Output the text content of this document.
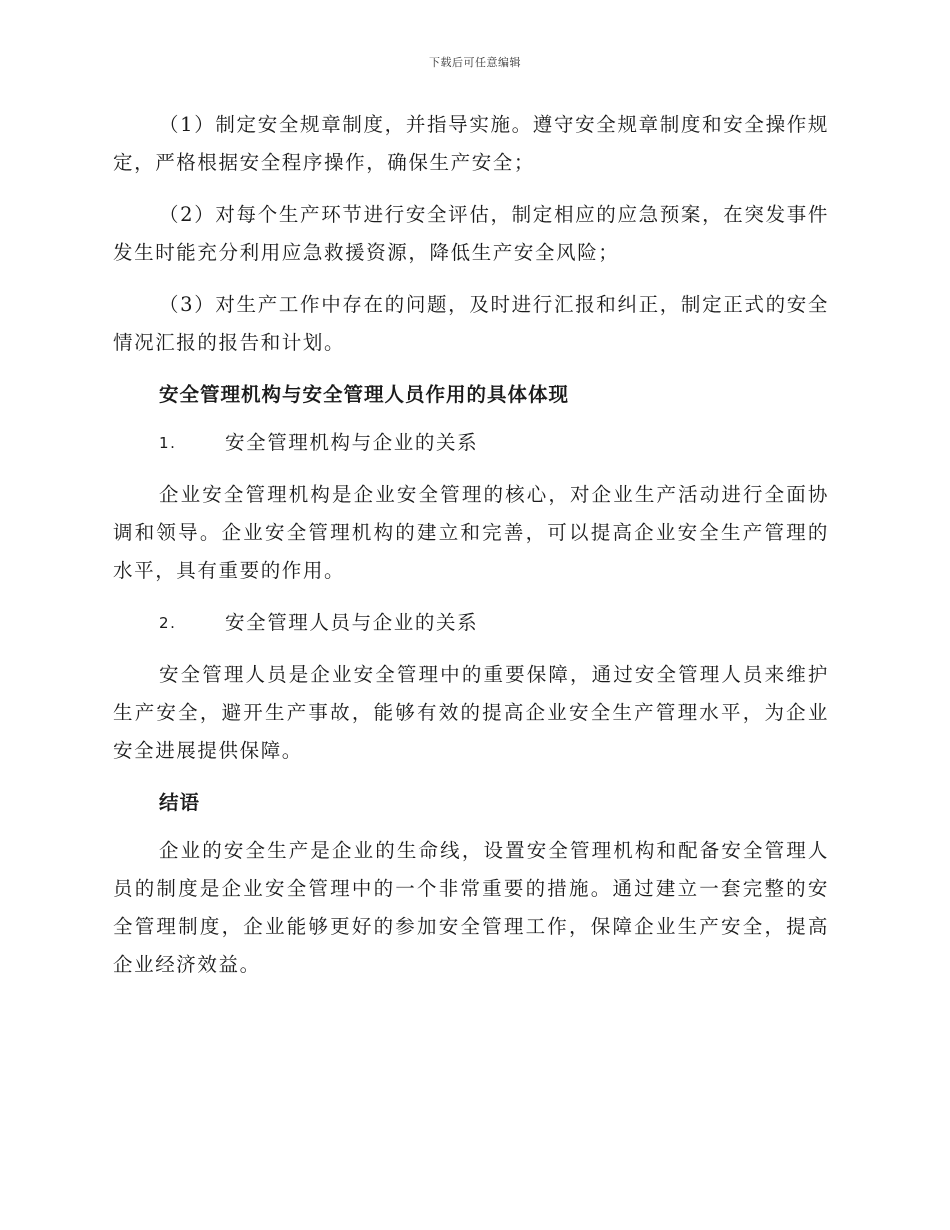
下载后可任意编辑

（1）制定安全规章制度，并指导实施。遵守安全规章制度和安全操作规定，严格根据安全程序操作，确保生产安全；

（2）对每个生产环节进行安全评估，制定相应的应急预案，在突发事件发生时能充分利用应急救援资源，降低生产安全风险；

（3）对生产工作中存在的问题，及时进行汇报和纠正，制定正式的安全情况汇报的报告和计划。

安全管理机构与安全管理人员作用的具体体现
1.	安全管理机构与企业的关系

企业安全管理机构是企业安全管理的核心，对企业生产活动进行全面协调和领导。企业安全管理机构的建立和完善，可以提高企业安全生产管理的水平，具有重要的作用。

2.	安全管理人员与企业的关系

安全管理人员是企业安全管理中的重要保障，通过安全管理人员来维护生产安全，避开生产事故，能够有效的提高企业安全生产管理水平，为企业安全进展提供保障。

结语

企业的安全生产是企业的生命线，设置安全管理机构和配备安全管理人员的制度是企业安全管理中的一个非常重要的措施。通过建立一套完整的安全管理制度，企业能够更好的参加安全管理工作，保障企业生产安全，提高企业经济效益。
